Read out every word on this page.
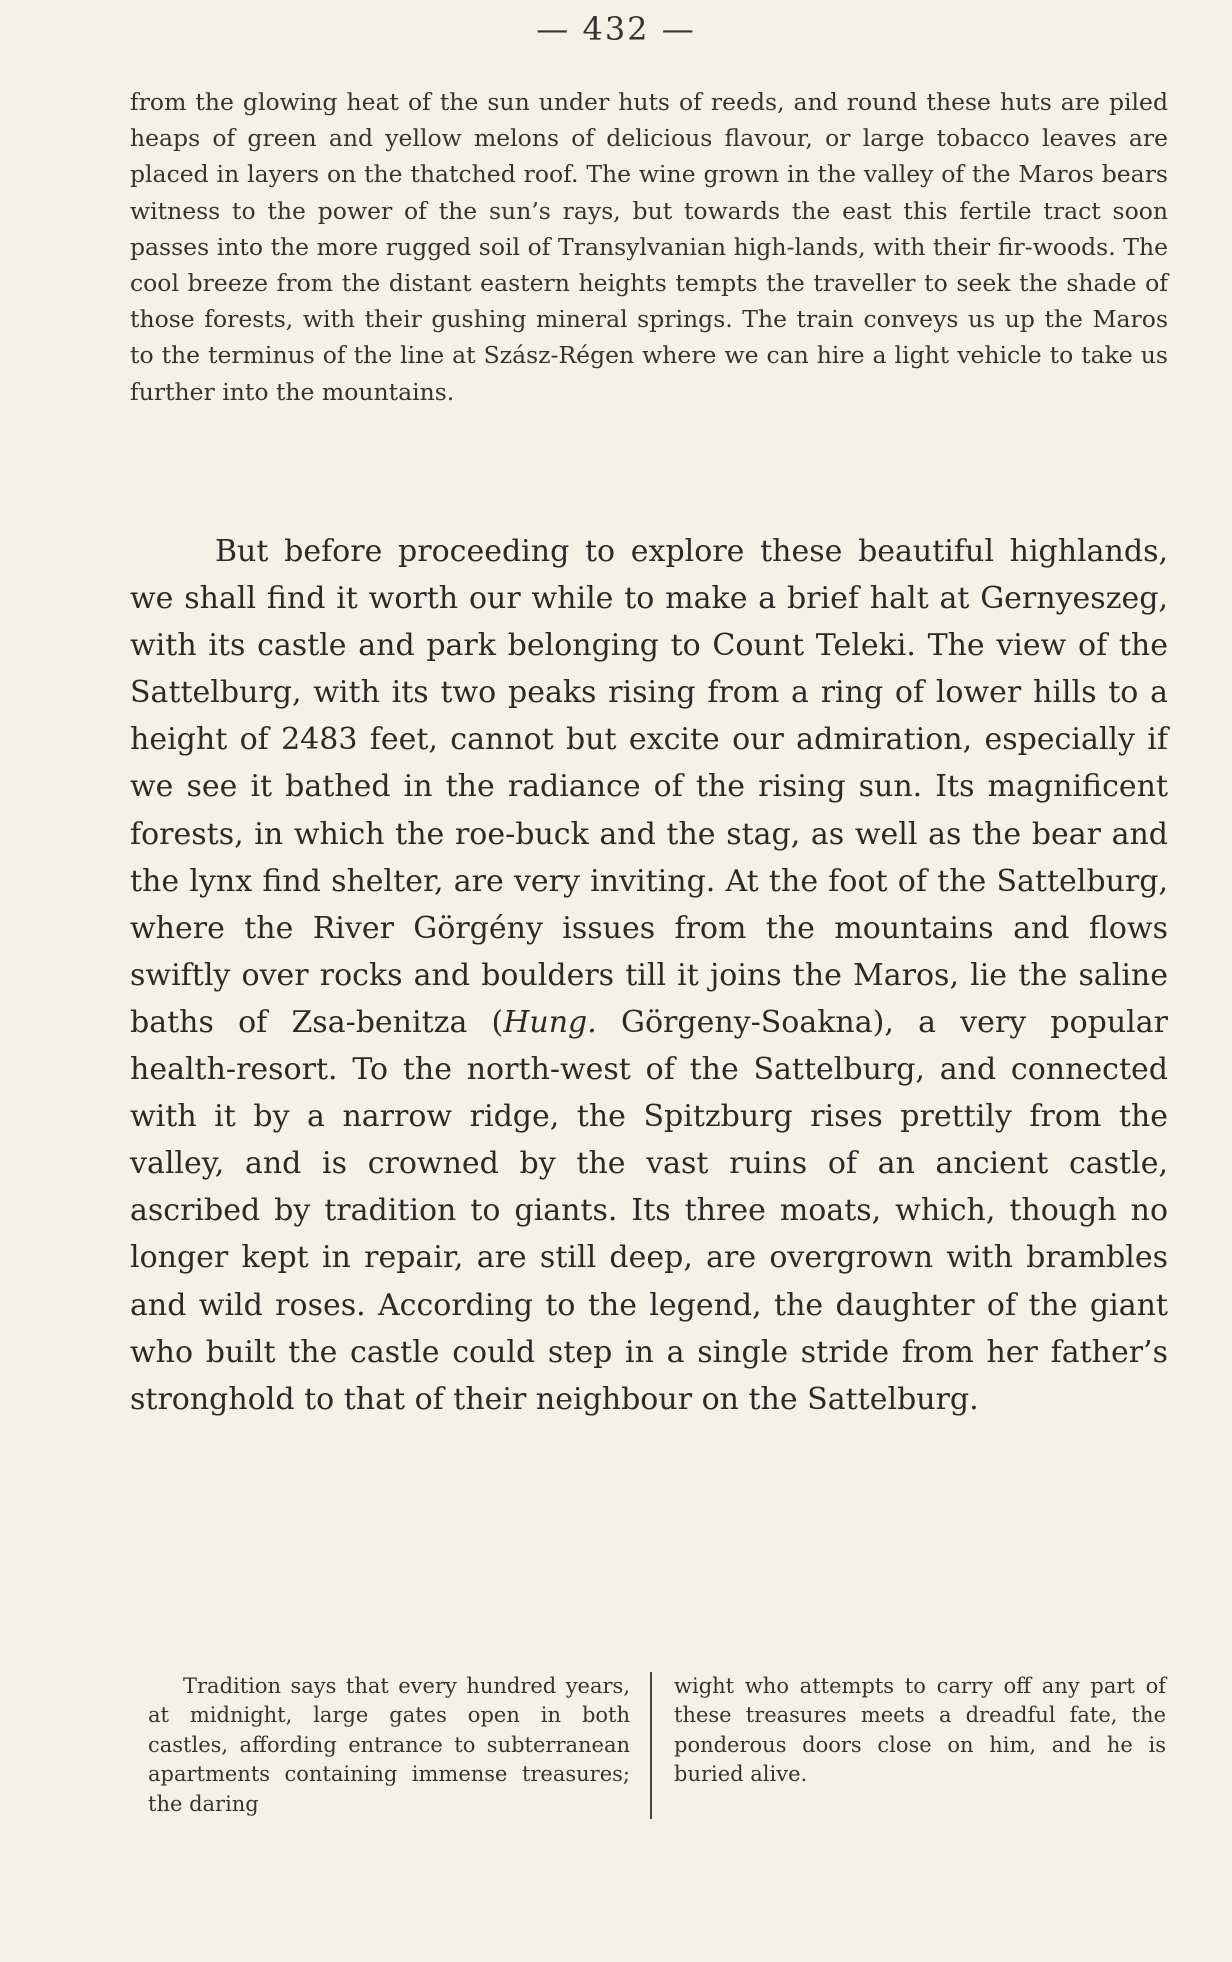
— 432 —

from the glowing heat of the sun under huts of reeds, and round these huts are piled heaps of green and yellow melons of delicious flavour, or large tobacco leaves are placed in layers on the thatched roof. The wine grown in the valley of the Maros bears witness to the power of the sun’s rays, but towards the east this fertile tract soon passes into the more rugged soil of Transylvanian high-lands, with their fir-woods. The cool breeze from the distant eastern heights tempts the traveller to seek the shade of those forests, with their gushing mineral springs. The train conveys us up the Maros to the terminus of the line at Szász-Régen where we can hire a light vehicle to take us further into the mountains.

But before proceeding to explore these beautiful highlands, we shall find it worth our while to make a brief halt at Gernyeszeg, with its castle and park belonging to Count Teleki. The view of the Sattelburg, with its two peaks rising from a ring of lower hills to a height of 2483 feet, cannot but excite our admiration, especially if we see it bathed in the radiance of the rising sun. Its magnificent forests, in which the roe-buck and the stag, as well as the bear and the lynx find shelter, are very inviting. At the foot of the Sattelburg, where the River Görgény issues from the mountains and flows swiftly over rocks and boulders till it joins the Maros, lie the saline baths of Zsa-benitza (Hung. Görgeny-Soakna), a very popular health-resort. To the north-west of the Sattelburg, and connected with it by a narrow ridge, the Spitzburg rises prettily from the valley, and is crowned by the vast ruins of an ancient castle, ascribed by tradition to giants. Its three moats, which, though no longer kept in repair, are still deep, are overgrown with brambles and wild roses. According to the legend, the daughter of the giant who built the castle could step in a single stride from her father’s stronghold to that of their neighbour on the Sattelburg.

Tradition says that every hundred years, at midnight, large gates open in both castles, affording entrance to subterranean apartments containing immense treasures; the daring
wight who attempts to carry off any part of these treasures meets a dreadful fate, the ponderous doors close on him, and he is buried alive.
